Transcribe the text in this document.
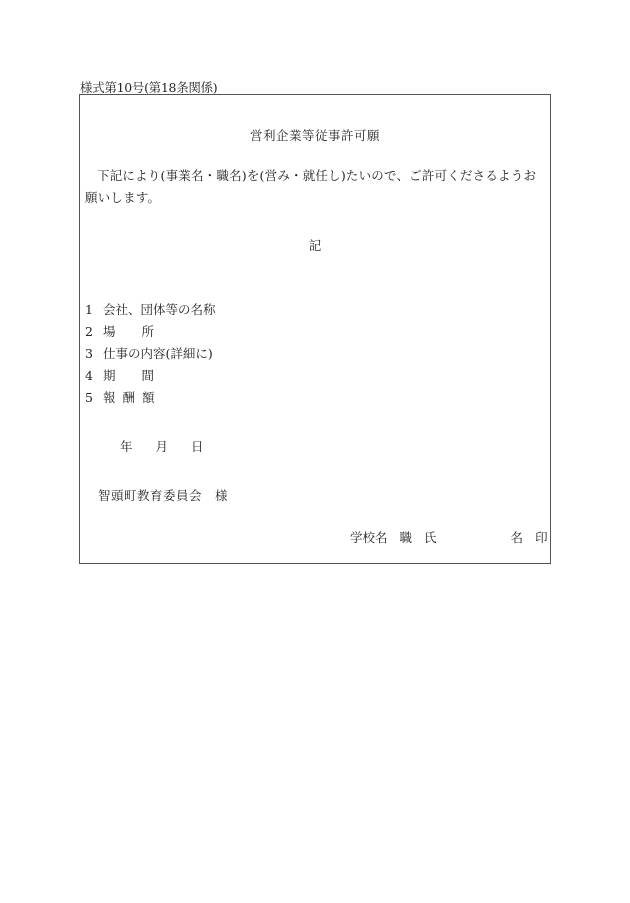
様式第10号(第18条関係)
営利企業等従事許可願
下記により(事業名・職名)を(営み・就任し)たいので、ご許可くださるようお願いします。
記
1 会社、団体等の名称
2 場所
3 仕事の内容(詳細に)
4 期間
5 報酬額
年 月 日
智頭町教育委員会　様
学校名 職 氏	名 印
